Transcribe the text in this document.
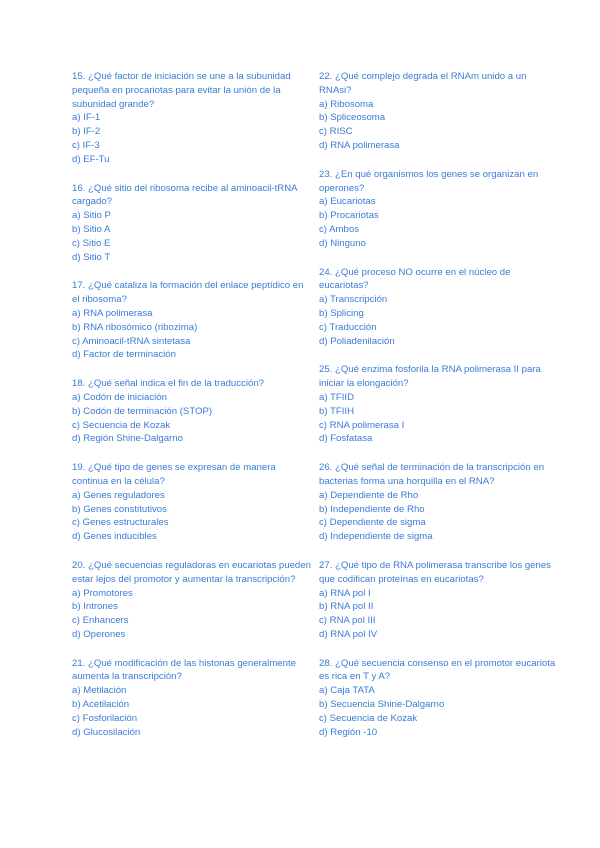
15. ¿Qué factor de iniciación se une a la subunidad pequeña en procariotas para evitar la unión de la subunidad grande?
a) IF-1
b) IF-2
c) IF-3
d) EF-Tu
16. ¿Qué sitio del ribosoma recibe al aminoacil-tRNA cargado?
a) Sitio P
b) Sitio A
c) Sitio E
d) Sitio T
17. ¿Qué cataliza la formación del enlace peptídico en el ribosoma?
a) RNA polimerasa
b) RNA ribosómico (ribozima)
c) Aminoacil-tRNA sintetasa
d) Factor de terminación
18. ¿Qué señal indica el fin de la traducción?
a) Codón de iniciación
b) Codón de terminación (STOP)
c) Secuencia de Kozak
d) Región Shine-Dalgarno
19. ¿Qué tipo de genes se expresan de manera continua en la célula?
a) Genes reguladores
b) Genes constitutivos
c) Genes estructurales
d) Genes inducibles
20. ¿Qué secuencias reguladoras en eucariotas pueden estar lejos del promotor y aumentar la transcripción?
a) Promotores
b) Intrones
c) Enhancers
d) Operones
21. ¿Qué modificación de las histonas generalmente aumenta la transcripción?
a) Metilación
b) Acetilación
c) Fosforilación
d) Glucosilación
22. ¿Qué complejo degrada el RNAm unido a un RNAsi?
a) Ribosoma
b) Spliceosoma
c) RISC
d) RNA polimerasa
23. ¿En qué organismos los genes se organizan en operones?
a) Eucariotas
b) Procariotas
c) Ambos
d) Ninguno
24. ¿Qué proceso NO ocurre en el núcleo de eucariotas?
a) Transcripción
b) Splicing
c) Traducción
d) Poliadenilación
25. ¿Qué enzima fosforila la RNA polimerasa II para iniciar la elongación?
a) TFIID
b) TFIIH
c) RNA polimerasa I
d) Fosfatasa
26. ¿Qué señal de terminación de la transcripción en bacterias forma una horquilla en el RNA?
a) Dependiente de Rho
b) Independiente de Rho
c) Dependiente de sigma
d) Independiente de sigma
27. ¿Qué tipo de RNA polimerasa transcribe los genes que codifican proteínas en eucariotas?
a) RNA pol I
b) RNA pol II
c) RNA pol III
d) RNA pol IV
28. ¿Qué secuencia consenso en el promotor eucariota es rica en T y A?
a) Caja TATA
b) Secuencia Shine-Dalgarno
c) Secuencia de Kozak
d) Región -10
